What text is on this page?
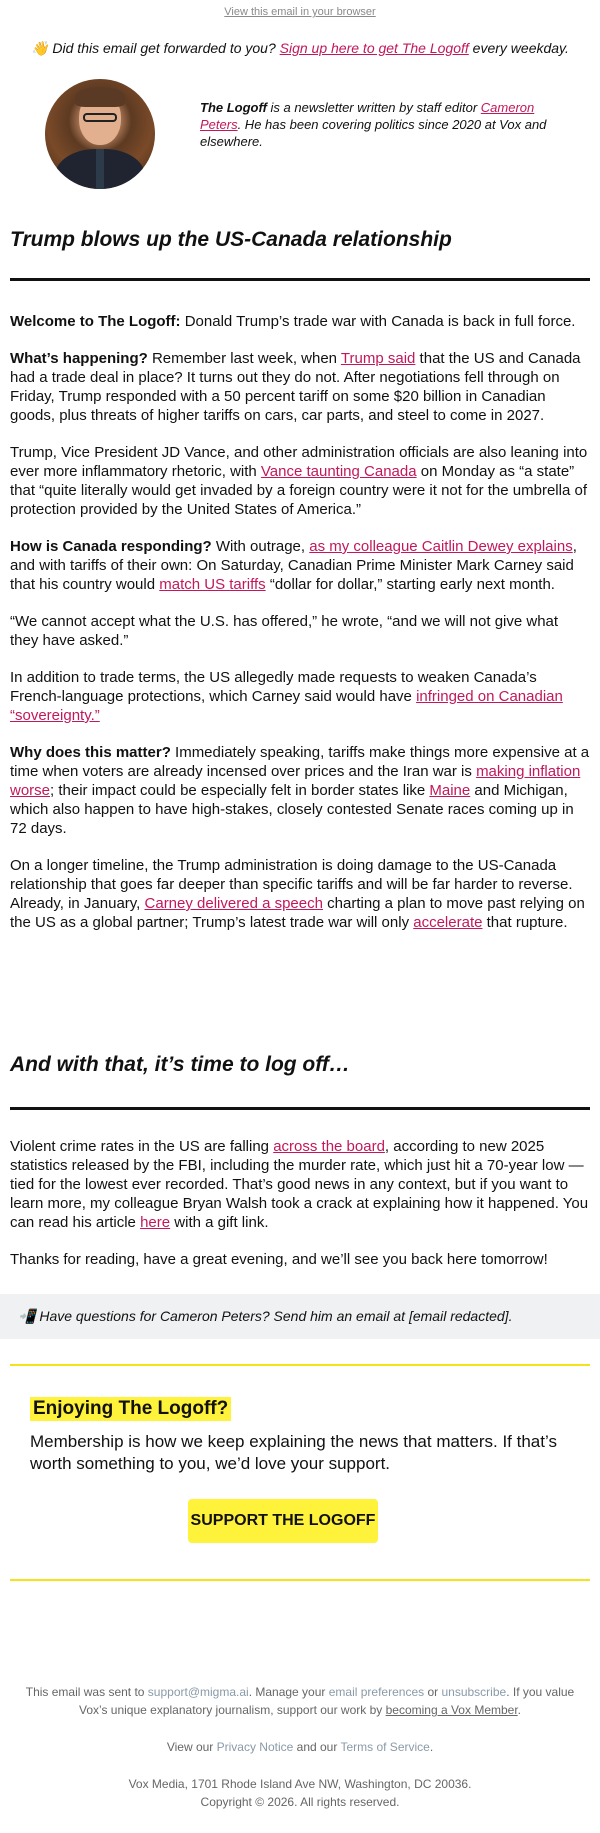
View this email in your browser
👋 Did this email get forwarded to you? Sign up here to get The Logoff every weekday.
The Logoff is a newsletter written by staff editor Cameron Peters. He has been covering politics since 2020 at Vox and elsewhere.
Trump blows up the US-Canada relationship

Welcome to The Logoff: Donald Trump’s trade war with Canada is back in full force.

What’s happening? Remember last week, when Trump said that the US and Canada had a trade deal in place? It turns out they do not. After negotiations fell through on Friday, Trump responded with a 50 percent tariff on some $20 billion in Canadian goods, plus threats of higher tariffs on cars, car parts, and steel to come in 2027.

Trump, Vice President JD Vance, and other administration officials are also leaning into ever more inflammatory rhetoric, with Vance taunting Canada on Monday as “a state” that “quite literally would get invaded by a foreign country were it not for the umbrella of protection provided by the United States of America.”

How is Canada responding? With outrage, as my colleague Caitlin Dewey explains, and with tariffs of their own: On Saturday, Canadian Prime Minister Mark Carney said that his country would match US tariffs “dollar for dollar,” starting early next month.

“We cannot accept what the U.S. has offered,” he wrote, “and we will not give what they have asked.”

In addition to trade terms, the US allegedly made requests to weaken Canada’s French-language protections, which Carney said would have infringed on Canadian “sovereignty.”

Why does this matter? Immediately speaking, tariffs make things more expensive at a time when voters are already incensed over prices and the Iran war is making inflation worse; their impact could be especially felt in border states like Maine and Michigan, which also happen to have high-stakes, closely contested Senate races coming up in 72 days.

On a longer timeline, the Trump administration is doing damage to the US-Canada relationship that goes far deeper than specific tariffs and will be far harder to reverse. Already, in January, Carney delivered a speech charting a plan to move past relying on the US as a global partner; Trump’s latest trade war will only accelerate that rupture.

And with that, it’s time to log off…

Violent crime rates in the US are falling across the board, according to new 2025 statistics released by the FBI, including the murder rate, which just hit a 70-year low — tied for the lowest ever recorded. That’s good news in any context, but if you want to learn more, my colleague Bryan Walsh took a crack at explaining how it happened. You can read his article here with a gift link.

Thanks for reading, have a great evening, and we’ll see you back here tomorrow!

📲 Have questions for Cameron Peters? Send him an email at [email redacted].
Enjoying The Logoff?
Membership is how we keep explaining the news that matters. If that’s worth something to you, we’d love your support.
SUPPORT THE LOGOFF
This email was sent to support@migma.ai. Manage your email preferences or unsubscribe. If you value Vox’s unique explanatory journalism, support our work by becoming a Vox Member.
View our Privacy Notice and our Terms of Service.
Vox Media, 1701 Rhode Island Ave NW, Washington, DC 20036.
Copyright © 2026. All rights reserved.
